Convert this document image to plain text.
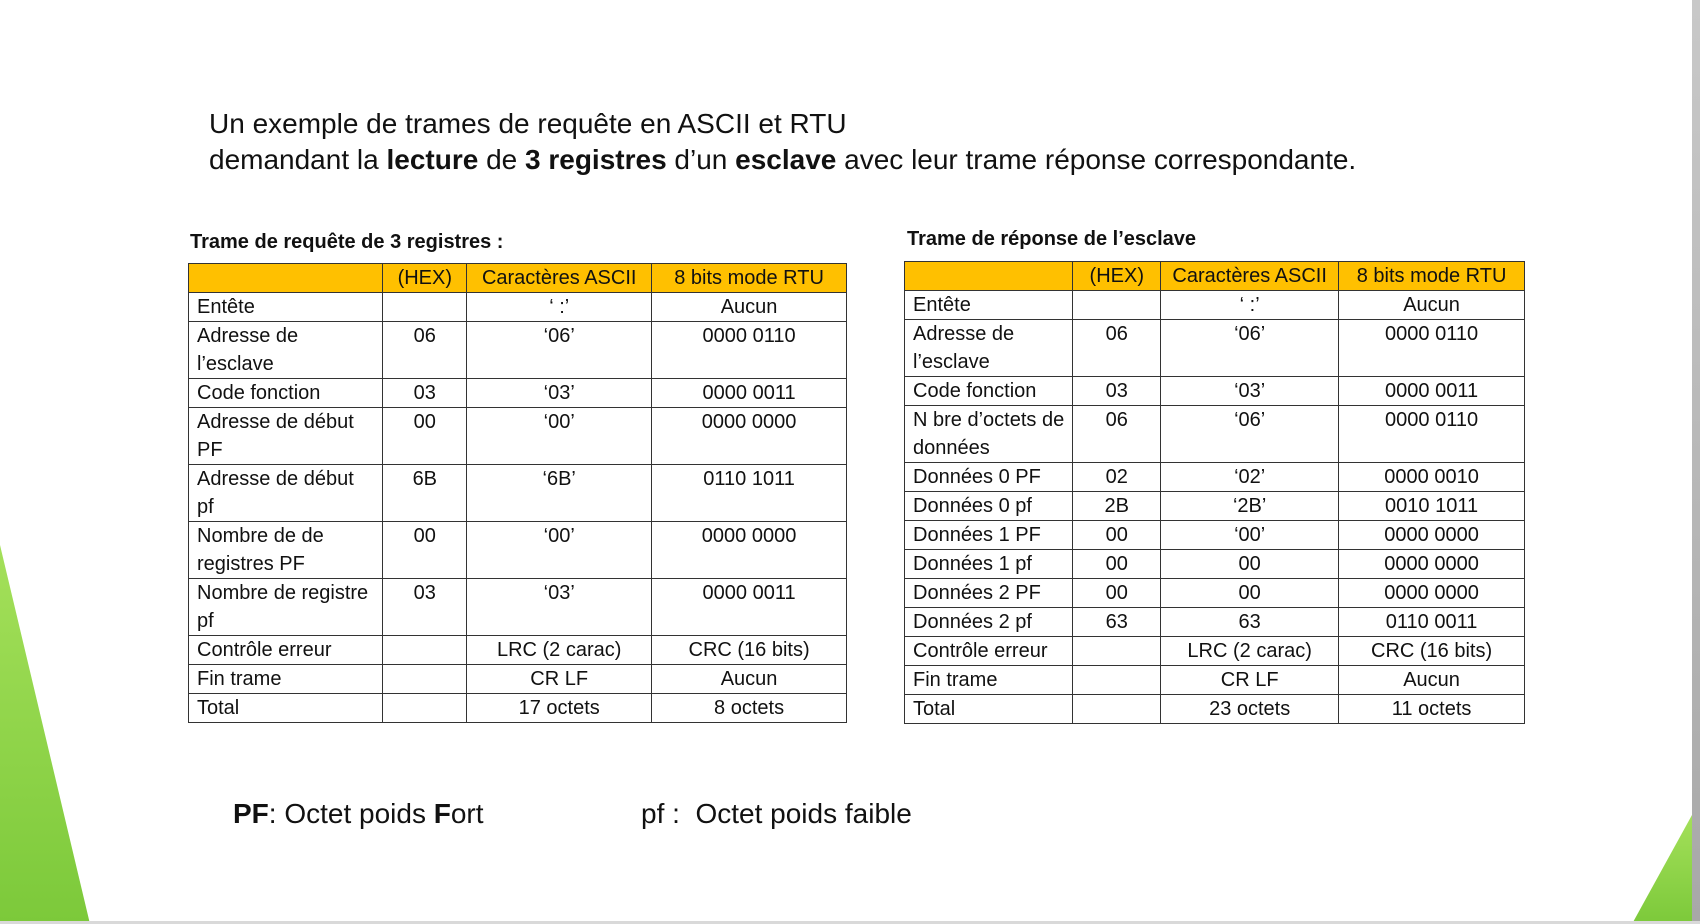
Un exemple de trames de requête en ASCII et RTU
demandant la lecture de 3 registres d’un esclave avec leur trame réponse correspondante.
Trame de requête de 3 registres :
	(HEX)	Caractères ASCII	8 bits mode RTU
Entête		‘ :’	Aucun
Adresse de l’esclave	06	‘06’	0000 0110
Code fonction	03	‘03’	0000 0011
Adresse de début PF	00	‘00’	0000 0000
Adresse de début pf	6B	‘6B’	0110 1011
Nombre de de registres PF	00	‘00’	0000 0000
Nombre de registre pf	03	‘03’	0000 0011
Contrôle erreur		LRC (2 carac)	CRC (16 bits)
Fin trame		CR LF	Aucun
Total		17 octets	8 octets
Trame de réponse de l’esclave
	(HEX)	Caractères ASCII	8 bits mode RTU
Entête		‘ :’	Aucun
Adresse de l’esclave	06	‘06’	0000 0110
Code fonction	03	‘03’	0000 0011
N bre d’octets de données	06	‘06’	0000 0110
Données 0 PF	02	‘02’	0000 0010
Données 0 pf	2B	‘2B’	0010 1011
Données 1 PF	00	‘00’	0000 0000
Données 1 pf	00	00	0000 0000
Données 2 PF	00	00	0000 0000
Données 2 pf	63	63	0110 0011
Contrôle erreur		LRC (2 carac)	CRC (16 bits)
Fin trame		CR LF	Aucun
Total		23 octets	11 octets
PF: Octet poids Fort	pf :  Octet poids faible
